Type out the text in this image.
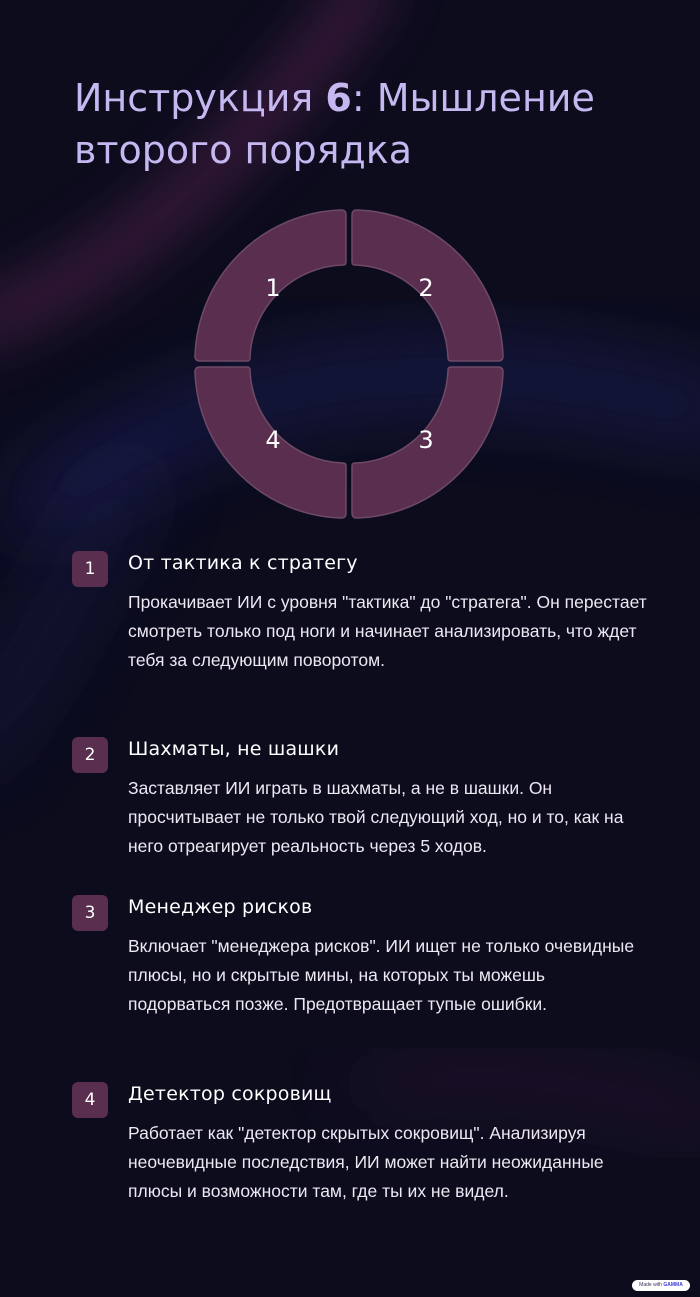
Инструкция 6: Мышление второго порядка
1	2
3
4
1	От тактика к стратегу
Прокачивает ИИ с уровня "тактика" до "стратега". Он перестает смотреть только под ноги и начинает анализировать, что ждет тебя за следующим поворотом.
2	Шахматы, не шашки
Заставляет ИИ играть в шахматы, а не в шашки. Он просчитывает не только твой следующий ход, но и то, как на него отреагирует реальность через 5 ходов.
3	Менеджер рисков
Включает "менеджера рисков". ИИ ищет не только очевидные плюсы, но и скрытые мины, на которых ты можешь подорваться позже. Предотвращает тупые ошибки.
4	Детектор сокровищ
Работает как "детектор скрытых сокровищ". Анализируя неочевидные последствия, ИИ может найти неожиданные плюсы и возможности там, где ты их не видел.
Made with GAMMA
